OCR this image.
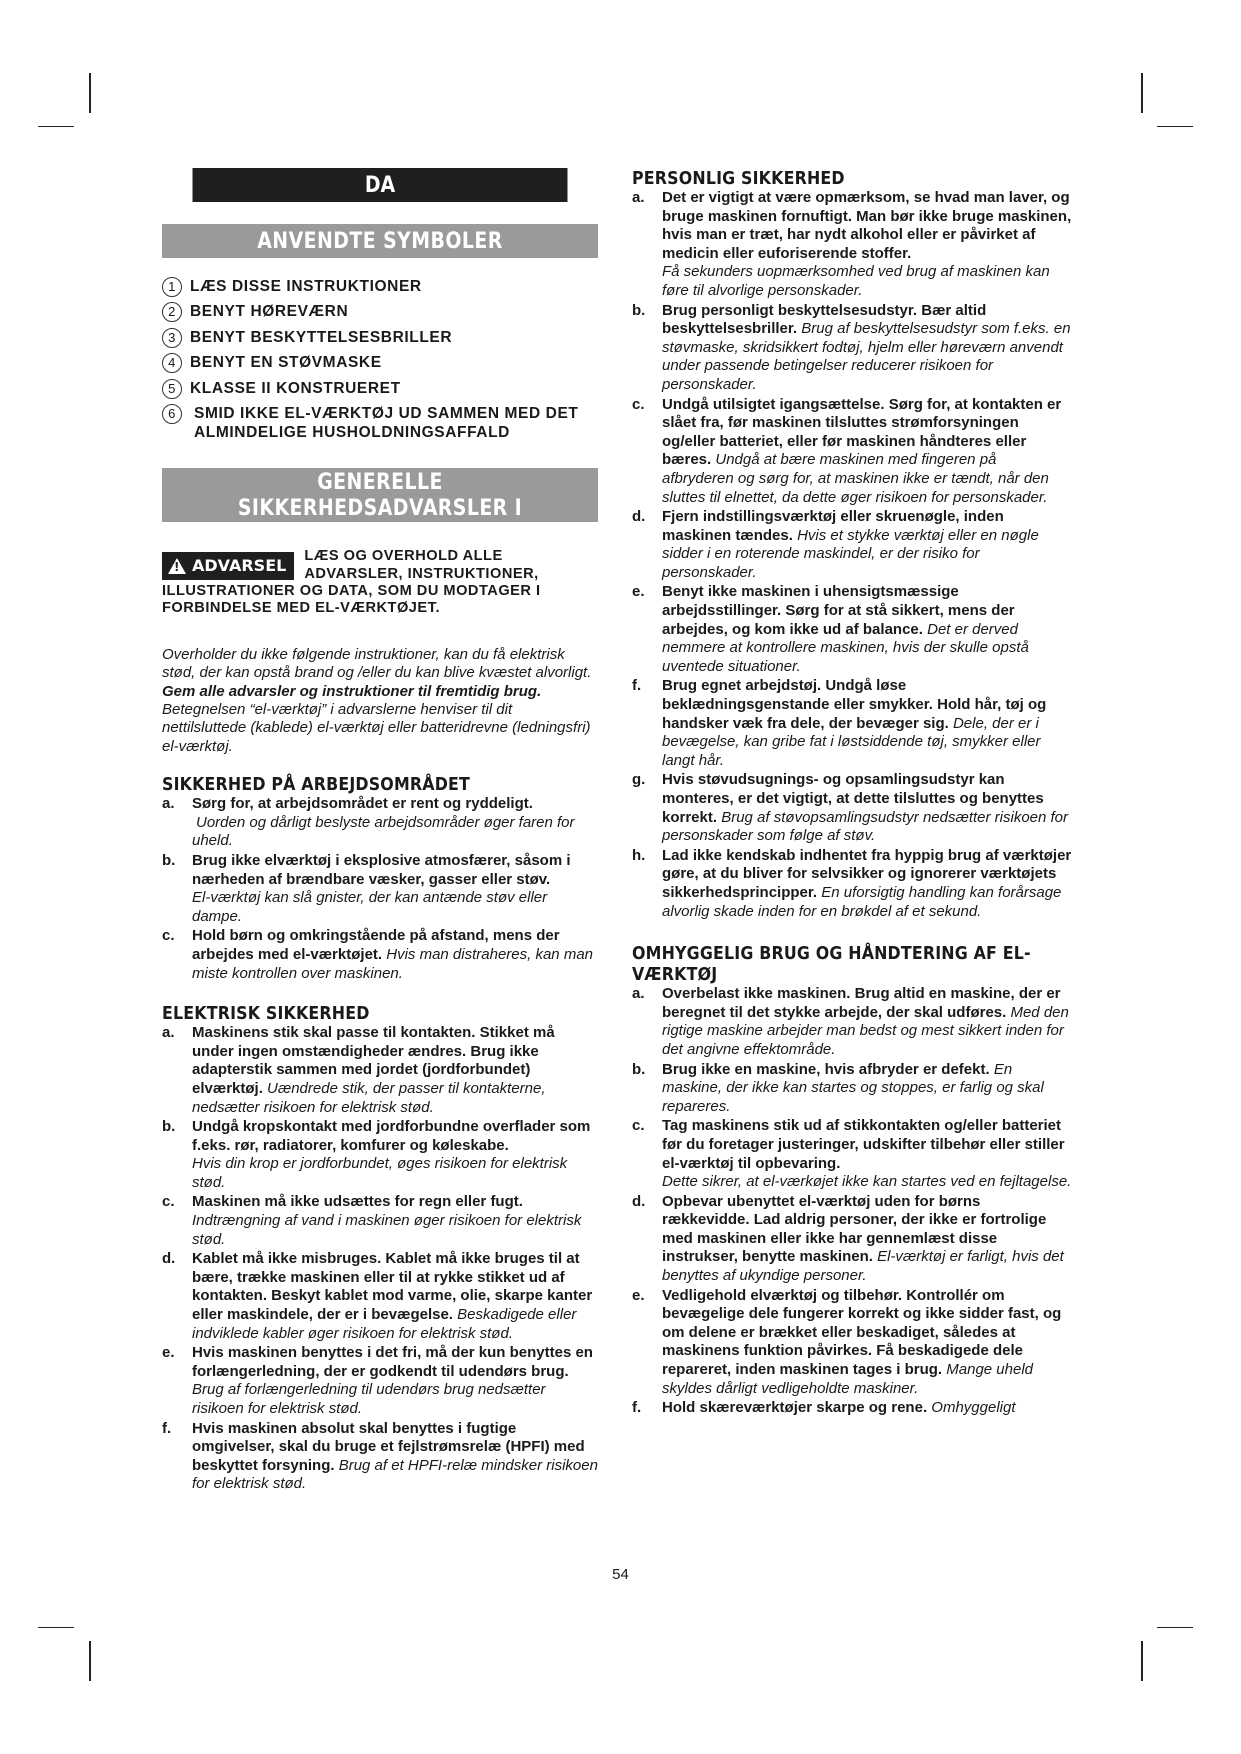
DA
ANVENDTE SYMBOLER
1 LÆS DISSE INSTRUKTIONER
2 BENYT HØREVÆRN
3 BENYT BESKYTTELSESBRILLER
4 BENYT EN STØVMASKE
5 KLASSE II KONSTRUERET
6	SMID IKKE EL-VÆRKTØJ UD SAMMEN MED DET ALMINDELIGE HUSHOLDNINGSAFFALD
GENERELLE SIKKERHEDSADVARSLER I
RELATION TIL EL-VÆRKTØJ
!
ADVARSEL LÆS OG OVERHOLD ALLE ADVARSLER, INSTRUKTIONER, ILLUSTRATIONER OG DATA, SOM DU MODTAGER I FORBINDELSE MED EL-VÆRKTØJET.
Overholder du ikke følgende instruktioner, kan du få elektrisk stød, der kan opstå brand og /eller du kan blive kvæstet alvorligt. Gem alle advarsler og instruktioner til fremtidig brug. Betegnelsen “el-værktøj” i advarslerne henviser til dit nettilsluttede (kablede) el-værktøj eller batteridrevne (ledningsfri) el-værktøj.
SIKKERHED PÅ ARBEJDSOMRÅDET
a. Sørg for, at arbejdsområdet er rent og ryddeligt.
Uorden og dårligt beslyste arbejdsområder øger faren for uheld.
b. Brug ikke elværktøj i eksplosive atmosfærer, såsom i nærheden af brændbare væsker, gasser eller støv.
El-værktøj kan slå gnister, der kan antænde støv eller dampe.
c. Hold børn og omkringstående på afstand, mens der arbejdes med el-værktøjet. Hvis man distraheres, kan man miste kontrollen over maskinen.
ELEKTRISK SIKKERHED
a. Maskinens stik skal passe til kontakten. Stikket må under ingen omstændigheder ændres. Brug ikke adapterstik sammen med jordet (jordforbundet) elværktøj. Uændrede stik, der passer til kontakterne, nedsætter risikoen for elektrisk stød.
b. Undgå kropskontakt med jordforbundne overflader som f.eks. rør, radiatorer, komfurer og køleskabe.
Hvis din krop er jordforbundet, øges risikoen for elektrisk stød.
c. Maskinen må ikke udsættes for regn eller fugt.
Indtrængning af vand i maskinen øger risikoen for elektrisk stød.
d. Kablet må ikke misbruges. Kablet må ikke bruges til at bære, trække maskinen eller til at rykke stikket ud af kontakten. Beskyt kablet mod varme, olie, skarpe kanter eller maskindele, der er i bevægelse. Beskadigede eller indviklede kabler øger risikoen for elektrisk stød.
e. Hvis maskinen benyttes i det fri, må der kun benyttes en forlængerledning, der er godkendt til udendørs brug. Brug af forlængerledning til udendørs brug nedsætter risikoen for elektrisk stød.
f. Hvis maskinen absolut skal benyttes i fugtige omgivelser, skal du bruge et fejlstrømsrelæ (HPFI) med beskyttet forsyning. Brug af et HPFI-relæ mindsker risikoen for elektrisk stød.
PERSONLIG SIKKERHED
a. Det er vigtigt at være opmærksom, se hvad man laver, og bruge maskinen fornuftigt. Man bør ikke bruge maskinen, hvis man er træt, har nydt alkohol eller er påvirket af medicin eller euforiserende stoffer.
Få sekunders uopmærksomhed ved brug af maskinen kan føre til alvorlige personskader.
b. Brug personligt beskyttelsesudstyr. Bær altid beskyttelsesbriller. Brug af beskyttelsesudstyr som f.eks. en støvmaske, skridsikkert fodtøj, hjelm eller høreværn anvendt under passende betingelser reducerer risikoen for personskader.
c. Undgå utilsigtet igangsættelse. Sørg for, at kontakten er slået fra, før maskinen tilsluttes strømforsyningen og/eller batteriet, eller før maskinen håndteres eller bæres. Undgå at bære maskinen med fingeren på afbryderen og sørg for, at maskinen ikke er tændt, når den sluttes til elnettet, da dette øger risikoen for personskader.
d. Fjern indstillingsværktøj eller skruenøgle, inden maskinen tændes. Hvis et stykke værktøj eller en nøgle sidder i en roterende maskindel, er der risiko for personskader.
e. Benyt ikke maskinen i uhensigtsmæssige arbejdsstillinger. Sørg for at stå sikkert, mens der arbejdes, og kom ikke ud af balance. Det er derved nemmere at kontrollere maskinen, hvis der skulle opstå uventede situationer.
f. Brug egnet arbejdstøj. Undgå løse beklædningsgenstande eller smykker. Hold hår, tøj og handsker væk fra dele, der bevæger sig. Dele, der er i bevægelse, kan gribe fat i løstsiddende tøj, smykker eller langt hår.
g. Hvis støvudsugnings- og opsamlingsudstyr kan monteres, er det vigtigt, at dette tilsluttes og benyttes korrekt. Brug af støvopsamlingsudstyr nedsætter risikoen for personskader som følge af støv.
h. Lad ikke kendskab indhentet fra hyppig brug af værktøjer gøre, at du bliver for selvsikker og ignorerer værktøjets sikkerhedsprincipper. En uforsigtig handling kan forårsage alvorlig skade inden for en brøkdel af et sekund.
OMHYGGELIG BRUG OG HÅNDTERING AF EL-VÆRKTØJ
a. Overbelast ikke maskinen. Brug altid en maskine, der er beregnet til det stykke arbejde, der skal udføres. Med den rigtige maskine arbejder man bedst og mest sikkert inden for det angivne effektområde.
b. Brug ikke en maskine, hvis afbryder er defekt. En maskine, der ikke kan startes og stoppes, er farlig og skal repareres.
c. Tag maskinens stik ud af stikkontakten og/eller batteriet før du foretager justeringer, udskifter tilbehør eller stiller el-værktøj til opbevaring.
Dette sikrer, at el-værkøjet ikke kan startes ved en fejltagelse.
d. Opbevar ubenyttet el-værktøj uden for børns rækkevidde. Lad aldrig personer, der ikke er fortrolige med maskinen eller ikke har gennemlæst disse instrukser, benytte maskinen. El-værktøj er farligt, hvis det benyttes af ukyndige personer.
e. Vedligehold elværktøj og tilbehør. Kontrollér om bevægelige dele fungerer korrekt og ikke sidder fast, og om delene er brækket eller beskadiget, således at maskinens funktion påvirkes. Få beskadigede dele repareret, inden maskinen tages i brug. Mange uheld skyldes dårligt vedligeholdte maskiner.
f. Hold skæreværktøjer skarpe og rene. Omhyggeligt
54
